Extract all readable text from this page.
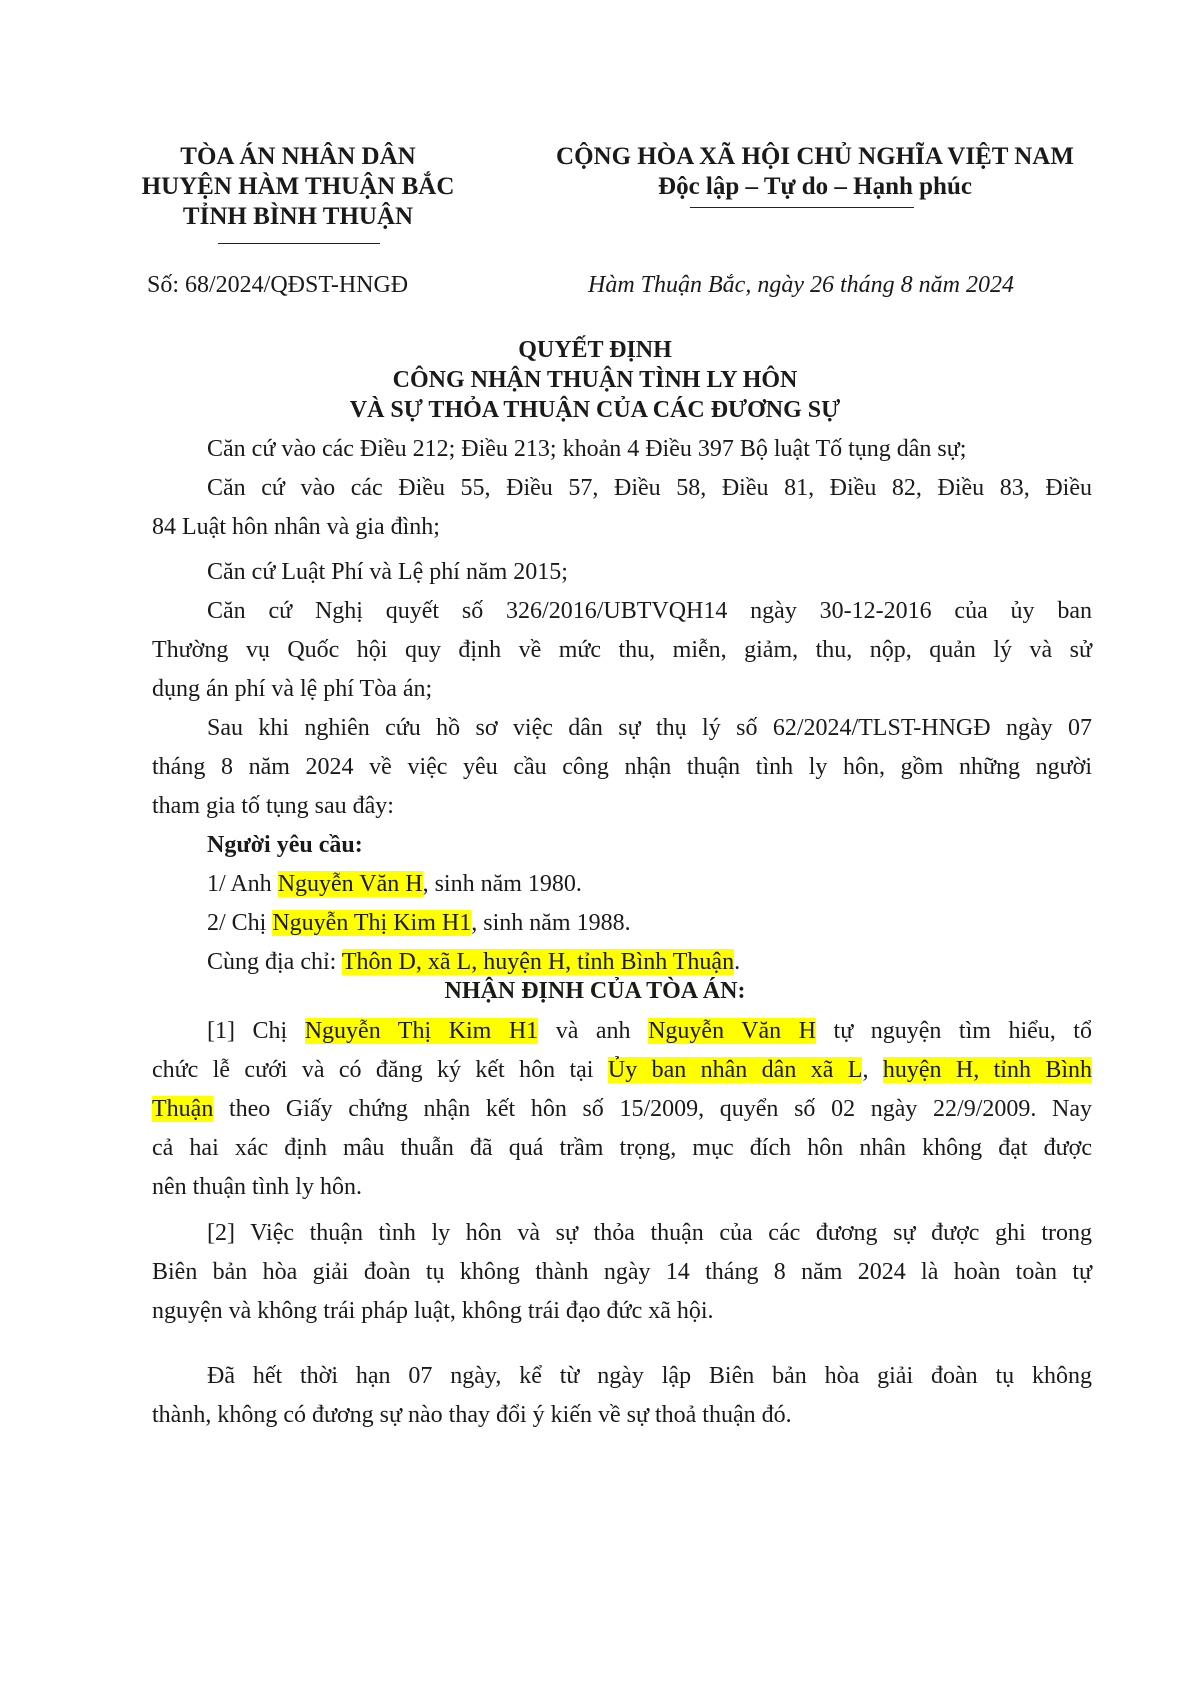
TÒA ÁN NHÂN DÂN
HUYỆN HÀM THUẬN BẮC
TỈNH BÌNH THUẬN
CỘNG HÒA XÃ HỘI CHỦ NGHĨA VIỆT NAM
Độc lập – Tự do – Hạnh phúc
Số: 68/2024/QĐST-HNGĐ	Hàm Thuận Bắc, ngày 26 tháng 8 năm 2024
QUYẾT ĐỊNH
CÔNG NHẬN THUẬN TÌNH LY HÔN
VÀ SỰ THỎA THUẬN CỦA CÁC ĐƯƠNG SỰ
Căn cứ vào các Điều 212; Điều 213; khoản 4 Điều 397 Bộ luật Tố tụng dân sự;
Căn cứ vào các Điều 55, Điều 57, Điều 58, Điều 81, Điều 82, Điều 83, Điều
84 Luật hôn nhân và gia đình;
Căn cứ Luật Phí và Lệ phí năm 2015;
Căn cứ Nghị quyết số 326/2016/UBTVQH14 ngày 30-12-2016 của ủy ban
Thường vụ Quốc hội quy định về mức thu, miễn, giảm, thu, nộp, quản lý và sử
dụng án phí và lệ phí Tòa án;
Sau khi nghiên cứu hồ sơ việc dân sự thụ lý số 62/2024/TLST-HNGĐ ngày 07
tháng 8 năm 2024 về việc yêu cầu công nhận thuận tình ly hôn, gồm những người
tham gia tố tụng sau đây:
Người yêu cầu:
1/ Anh Nguyễn Văn H, sinh năm 1980.
2/ Chị Nguyễn Thị Kim H1, sinh năm 1988.
Cùng địa chỉ: Thôn D, xã L, huyện H, tỉnh Bình Thuận.
NHẬN ĐỊNH CỦA TÒA ÁN:
[1] Chị Nguyễn Thị Kim H1 và anh Nguyễn Văn H tự nguyện tìm hiểu, tổ
chức lễ cưới và có đăng ký kết hôn tại Ủy ban nhân dân xã L, huyện H, tỉnh Bình
Thuận theo Giấy chứng nhận kết hôn số 15/2009, quyển số 02 ngày 22/9/2009. Nay
cả hai xác định mâu thuẫn đã quá trầm trọng, mục đích hôn nhân không đạt được
nên thuận tình ly hôn.
[2] Việc thuận tình ly hôn và sự thỏa thuận của các đương sự được ghi trong
Biên bản hòa giải đoàn tụ không thành ngày 14 tháng 8 năm 2024 là hoàn toàn tự
nguyện và không trái pháp luật, không trái đạo đức xã hội.
Đã hết thời hạn 07 ngày, kể từ ngày lập Biên bản hòa giải đoàn tụ không
thành, không có đương sự nào thay đổi ý kiến về sự thoả thuận đó.
